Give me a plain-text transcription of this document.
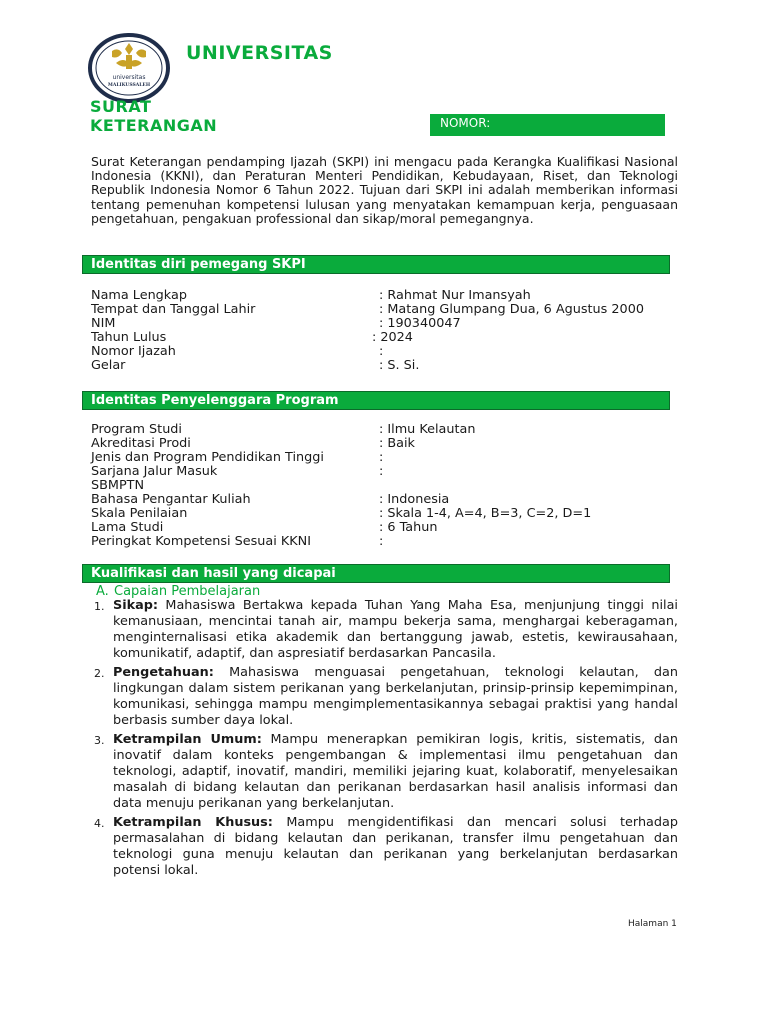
universitas
MALIKUSSALEH
UNIVERSITAS
SURAT KETERANGAN	NOMOR:
Surat Keterangan pendamping Ijazah (SKPI) ini mengacu pada Kerangka Kualifikasi Nasional Indonesia (KKNI), dan Peraturan Menteri Pendidikan, Kebudayaan, Riset, dan Teknologi Republik Indonesia Nomor 6 Tahun 2022. Tujuan dari SKPI ini adalah memberikan informasi tentang pemenuhan kompetensi lulusan yang menyatakan kemampuan kerja, penguasaan pengetahuan, pengakuan professional dan sikap/moral pemegangnya.
Identitas diri pemegang SKPI
Nama Lengkap	: Rahmat Nur Imansyah
Tempat dan Tanggal Lahir	: Matang Glumpang Dua, 6 Agustus 2000
NIM	: 190340047
Tahun Lulus	: 2024
Nomor Ijazah	:
Gelar	: S. Si.
Identitas Penyelenggara Program
Program Studi	: Ilmu Kelautan
Akreditasi Prodi	: Baik
Jenis dan Program Pendidikan Tinggi	:
Sarjana Jalur Masuk	:
SBMPTN
Bahasa Pengantar Kuliah	: Indonesia
Skala Penilaian	: Skala 1-4, A=4, B=3, C=2, D=1
Lama Studi	: 6 Tahun
Peringkat Kompetensi Sesuai KKNI	:
Kualifikasi dan hasil yang dicapai
A. Capaian Pembelajaran
1. Sikap: Mahasiswa Bertakwa kepada Tuhan Yang Maha Esa, menjunjung tinggi nilai kemanusiaan, mencintai tanah air, mampu bekerja sama, menghargai keberagaman, menginternalisasi etika akademik dan bertanggung jawab, estetis, kewirausahaan, komunikatif, adaptif, dan aspresiatif berdasarkan Pancasila.
2. Pengetahuan: Mahasiswa menguasai pengetahuan, teknologi kelautan, dan lingkungan dalam sistem perikanan yang berkelanjutan, prinsip-prinsip kepemimpinan, komunikasi, sehingga mampu mengimplementasikannya sebagai praktisi yang handal berbasis sumber daya lokal.
3. Ketrampilan Umum: Mampu menerapkan pemikiran logis, kritis, sistematis, dan inovatif dalam konteks pengembangan & implementasi ilmu pengetahuan dan teknologi, adaptif, inovatif, mandiri, memiliki jejaring kuat, kolaboratif, menyelesaikan masalah di bidang kelautan dan perikanan berdasarkan hasil analisis informasi dan data menuju perikanan yang berkelanjutan.
4. Ketrampilan Khusus: Mampu mengidentifikasi dan mencari solusi terhadap permasalahan di bidang kelautan dan perikanan, transfer ilmu pengetahuan dan teknologi guna menuju kelautan dan perikanan yang berkelanjutan berdasarkan potensi lokal.
Halaman 1
